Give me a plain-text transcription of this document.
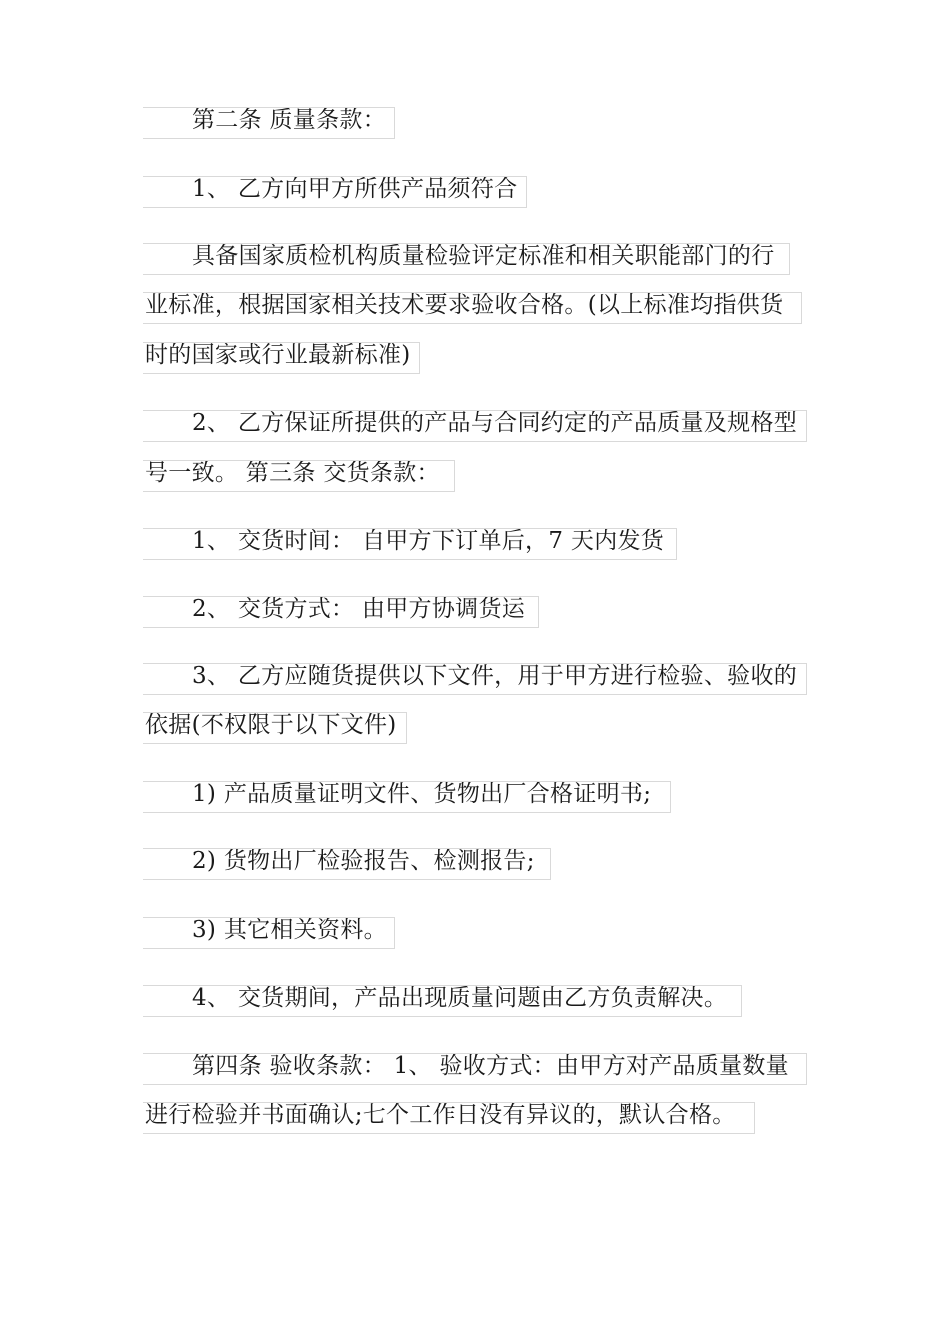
第二条 质量条款：
1、 乙方向甲方所供产品须符合
具备国家质检机构质量检验评定标准和相关职能部门的行
业标准，根据国家相关技术要求验收合格。(以上标准均指供货
时的国家或行业最新标准)
2、 乙方保证所提供的产品与合同约定的产品质量及规格型
号一致。 第三条 交货条款：
1、 交货时间： 自甲方下订单后，7 天内发货
2、 交货方式： 由甲方协调货运
3、 乙方应随货提供以下文件，用于甲方进行检验、验收的
依据(不权限于以下文件)
1) 产品质量证明文件、货物出厂合格证明书;
2) 货物出厂检验报告、检测报告;
3) 其它相关资料。
4、 交货期间，产品出现质量问题由乙方负责解决。
第四条 验收条款： 1、 验收方式：由甲方对产品质量数量
进行检验并书面确认;七个工作日没有异议的，默认合格。
